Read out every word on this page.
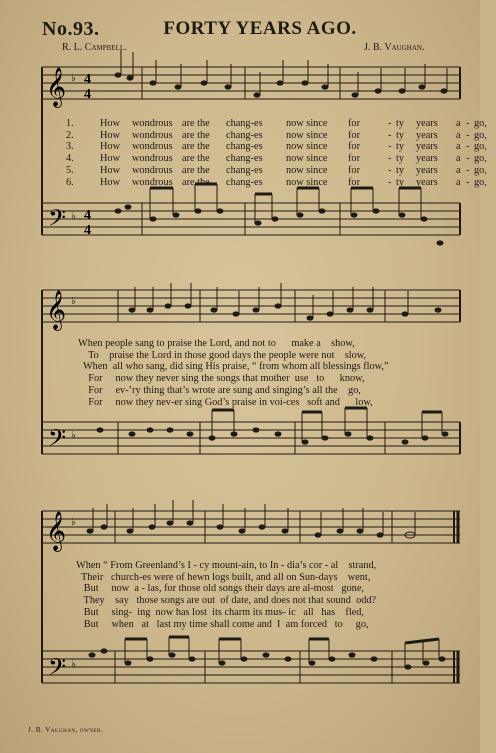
No.93.	FORTY YEARS AGO.
R. L. Campbell.	J. B. Vaughan.
𝄞
𝄢
♭
♭
4
4
4
4
1.	How	wondrous are the	chang-es	now since	for	- ty	years	a - go,
2.	How	wondrous are the	chang-es	now since	for	- ty	years	a - go,
3.	How	wondrous are the	chang-es	now since	for	- ty	years	a - go,
4.	How	wondrous are the	chang-es	now since	for	- ty	years	a - go,
5.	How	wondrous are the	chang-es	now since	for	- ty	years	a - go,
6.	How	wondrous are the	chang-es	now since	for	- ty	years	a - go,
𝄞
𝄢
♭
♭
When people sang to praise the Lord, and not to      make a    show,
To    praise the Lord in those good days the people were not    slow,
When  all who sang, did sing His praise, “ from whom all blessings flow,”
For     now they never sing the songs that mother  use   to      know,
For     ev-’ry thing that’s wrote are sung and singing’s all the    go,
For     now they nev-er sing God’s praise in voi-ces   soft and      low,
𝄞
𝄢
♭
♭
When “ From Greenland’s I - cy mount-ain, to In - dia’s cor - al    strand,
Their   church-es were of hewn logs built, and all on Sun-days    went,
But     now  a - las, for those old songs their days are al-most   gone,
They    say   those songs are out  of date, and does not that sound  odd?
But     sing-  ing  now has lost  its charm its mus- ic   all   has    fled,
But     when   at   last my time shall come and  I  am forced   to     go,
J. B. Vaughan, owner.
